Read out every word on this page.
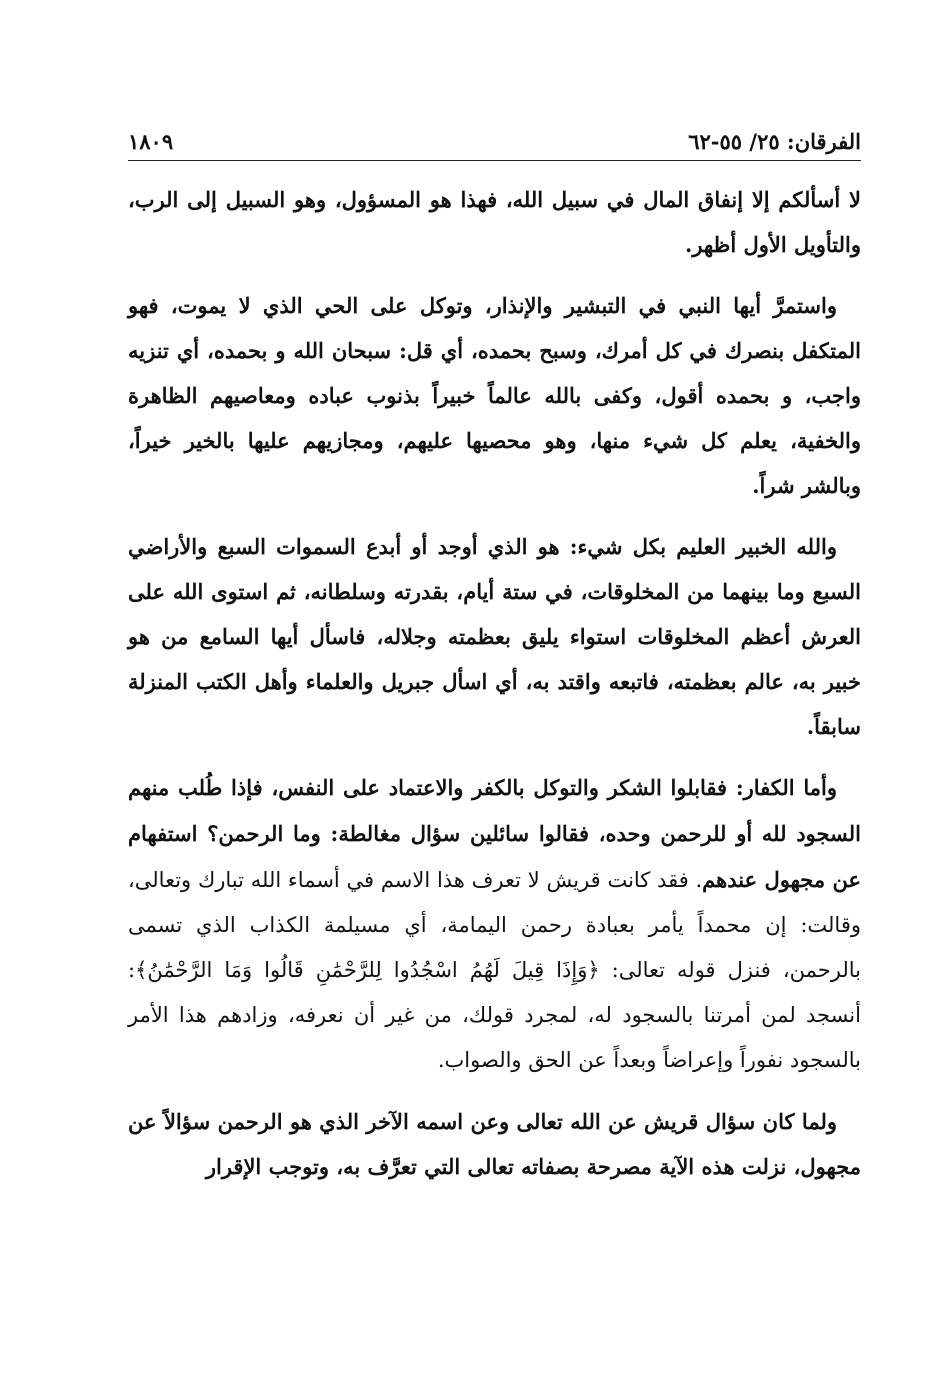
الفرقان: ٢٥/ ٥٥-٦٢
١٨٠٩

لا أسألكم إلا إنفاق المال في سبيل الله، فهذا هو المسؤول، وهو السبيل إلى الرب، والتأويل الأول أظهر.

واستمرَّ أيها النبي في التبشير والإنذار، وتوكل على الحي الذي لا يموت، فهو المتكفل بنصرك في كل أمرك، وسبح بحمده، أي قل: سبحان الله و بحمده، أي تنزيه واجب، و بحمده أقول، وكفى بالله عالماً خبيراً بذنوب عباده ومعاصيهم الظاهرة والخفية، يعلم كل شيء منها، وهو محصيها عليهم، ومجازيهم عليها بالخير خيراً، وبالشر شراً.

والله الخبير العليم بكل شيء: هو الذي أوجد أو أبدع السموات السبع والأراضي السبع وما بينهما من المخلوقات، في ستة أيام، بقدرته وسلطانه، ثم استوى الله على العرش أعظم المخلوقات استواء يليق بعظمته وجلاله، فاسأل أيها السامع من هو خبير به، عالم بعظمته، فاتبعه واقتد به، أي اسأل جبريل والعلماء وأهل الكتب المنزلة سابقاً.

وأما الكفار: فقابلوا الشكر والتوكل بالكفر والاعتماد على النفس، فإذا طُلب منهم السجود لله أو للرحمن وحده، فقالوا سائلين سؤال مغالطة: وما الرحمن؟ استفهام عن مجهول عندهم. فقد كانت قريش لا تعرف هذا الاسم في أسماء الله تبارك وتعالى، وقالت: إن محمداً يأمر بعبادة رحمن اليمامة، أي مسيلمة الكذاب الذي تسمى بالرحمن، فنزل قوله تعالى: ﴿وَإِذَا قِيلَ لَهُمُ اسْجُدُوا لِلرَّحْمَٰنِ قَالُوا وَمَا الرَّحْمَٰنُ﴾: أنسجد لمن أمرتنا بالسجود له، لمجرد قولك، من غير أن نعرفه، وزادهم هذا الأمر بالسجود نفوراً وإعراضاً وبعداً عن الحق والصواب.

ولما كان سؤال قريش عن الله تعالى وعن اسمه الآخر الذي هو الرحمن سؤالاً عن مجهول، نزلت هذه الآية مصرحة بصفاته تعالى التي تعرَّف به، وتوجب الإقرار
